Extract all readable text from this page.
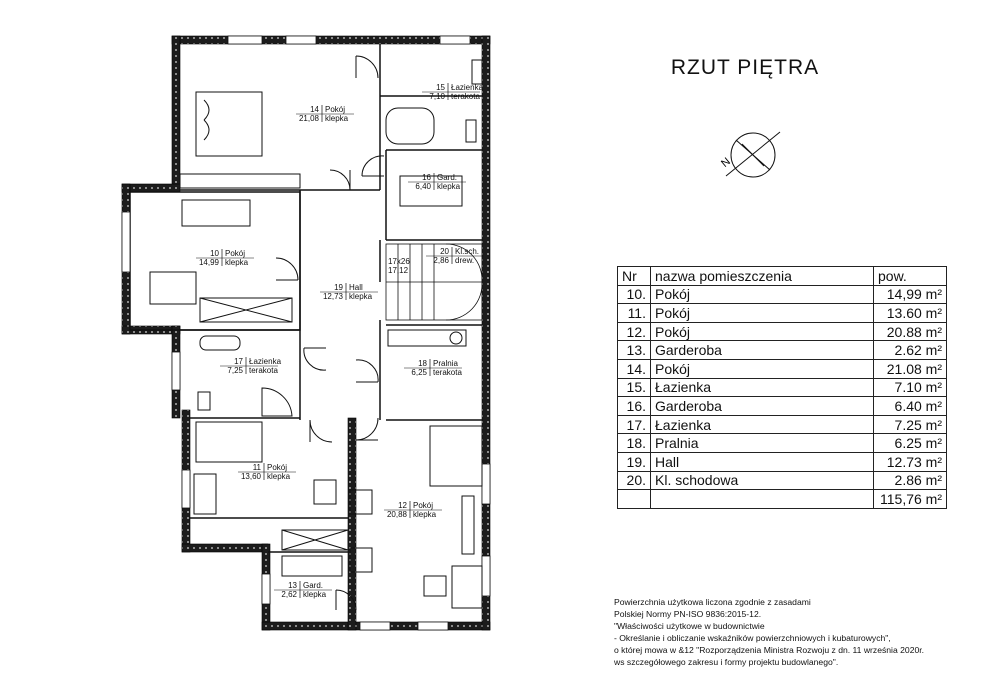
14 Pokój
21,08 klepka
15 Łazienka
7,10 terakota
16 Gard.
6,40 klepka
10 Pokój
14,99 klepka
19 Hall
12,73 klepka
20 Kl.sch.
2,86 drew.
17 Łazienka
7,25 terakota
18 Pralnia
6,25 terakota
11 Pokój
13,60 klepka
12 Pokój
20,88 klepka
13 Gard.
2,62 klepka
17x26 17,12
RZUT PIĘTRA
N
Nr	nazwa pomieszczenia	pow.
10.	Pokój	14,99 m²
11.	Pokój	13.60 m²
12.	Pokój	20.88 m²
13.	Garderoba	2.62 m²
14.	Pokój	21.08 m²
15.	Łazienka	7.10 m²
16.	Garderoba	6.40 m²
17.	Łazienka	7.25 m²
18.	Pralnia	6.25 m²
19.	Hall	12.73 m²
20.	Kl. schodowa	2.86 m²
		115,76 m²
Powierzchnia użytkowa liczona zgodnie z zasadami
Polskiej Normy PN-ISO 9836:2015-12.
"Właściwości użytkowe w budownictwie
- Określanie i obliczanie wskaźników powierzchniowych i kubaturowych",
o której mowa w &12 "Rozporządzenia Ministra Rozwoju z dn. 11 września 2020r.
ws szczegółowego zakresu i formy projektu budowlanego".
